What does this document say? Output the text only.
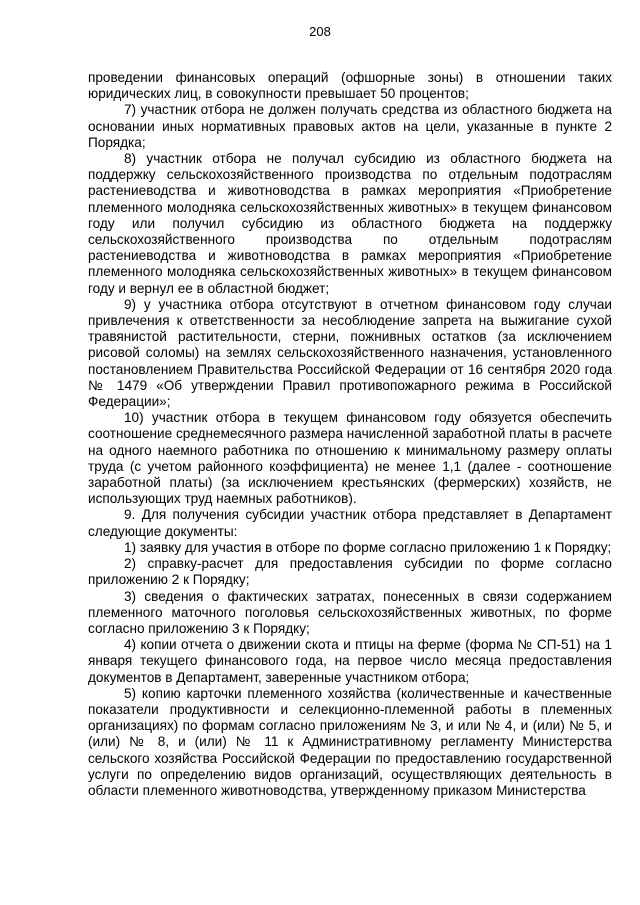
208

проведении финансовых операций (офшорные зоны) в отношении таких юридических лиц, в совокупности превышает 50 процентов;

7) участник отбора не должен получать средства из областного бюджета на основании иных нормативных правовых актов на цели, указанные в пункте 2 Порядка;

8) участник отбора не получал субсидию из областного бюджета на поддержку сельскохозяйственного производства по отдельным подотраслям растениеводства и животноводства в рамках мероприятия «Приобретение племенного молодняка сельскохозяйственных животных» в текущем финансовом году или получил субсидию из областного бюджета на поддержку сельскохозяйственного производства по отдельным подотраслям растениеводства и животноводства в рамках мероприятия «Приобретение племенного молодняка сельскохозяйственных животных» в текущем финансовом году и вернул ее в областной бюджет;

9) у участника отбора отсутствуют в отчетном финансовом году случаи привлечения к ответственности за несоблюдение запрета на выжигание сухой травянистой растительности, стерни, пожнивных остатков (за исключением рисовой соломы) на землях сельскохозяйственного назначения, установленного постановлением Правительства Российской Федерации от 16 сентября 2020 года № 1479 «Об утверждении Правил противопожарного режима в Российской Федерации»;

10) участник отбора в текущем финансовом году обязуется обеспечить соотношение среднемесячного размера начисленной заработной платы в расчете на одного наемного работника по отношению к минимальному размеру оплаты труда (с учетом районного коэффициента) не менее 1,1 (далее - соотношение заработной платы) (за исключением крестьянских (фермерских) хозяйств, не использующих труд наемных работников).

9. Для получения субсидии участник отбора представляет в Департамент следующие документы:

1) заявку для участия в отборе по форме согласно приложению 1 к Порядку;

2) справку-расчет для предоставления субсидии по форме согласно приложению 2 к Порядку;

3) сведения о фактических затратах, понесенных в связи содержанием племенного маточного поголовья сельскохозяйственных животных, по форме согласно приложению 3 к Порядку;

4) копии отчета о движении скота и птицы на ферме (форма № СП-51) на 1 января текущего финансового года, на первое число месяца предоставления документов в Департамент, заверенные участником отбора;

5) копию карточки племенного хозяйства (количественные и качественные показатели продуктивности и селекционно-племенной работы в племенных организациях) по формам согласно приложениям № 3, и или № 4, и (или) № 5, и (или) № 8, и (или) № 11 к Административному регламенту Министерства сельского хозяйства Российской Федерации по предоставлению государственной услуги по определению видов организаций, осуществляющих деятельность в области племенного животноводства, утвержденному приказом Министерства
